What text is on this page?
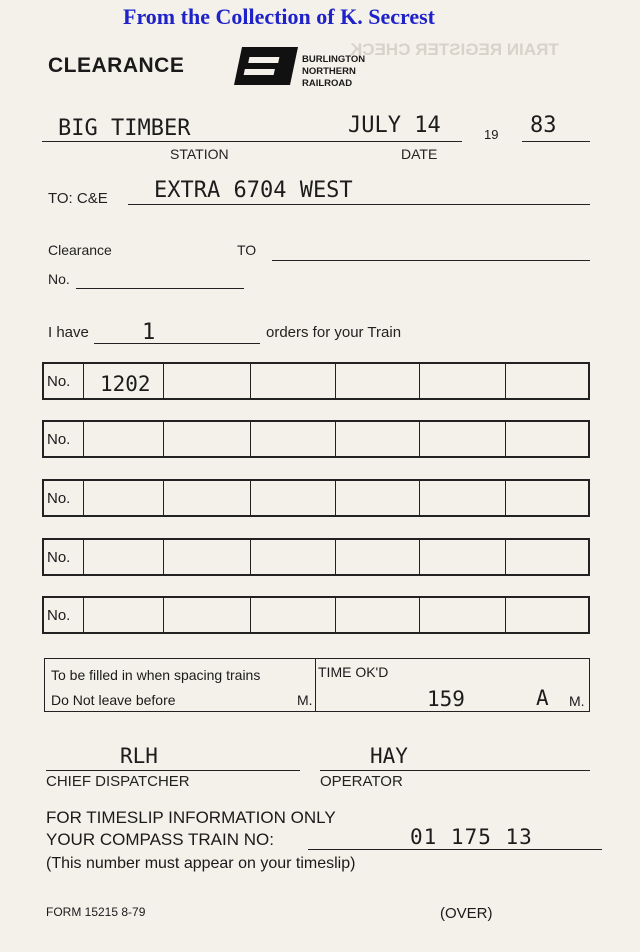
From the Collection of K. Secrest
TRAIN REGISTER CHECK
CLEARANCE	BURLINGTON
NORTHERN
RAILROAD
BIG TIMBER	JULY 14	19 83
STATION	DATE
TO: C&E EXTRA 6704 WEST
Clearance	TO
No.
I have 1	orders for your Train
No. 1202
No.
No.
No.
No.
To be filled in when spacing trains
Do Not leave before	M.
TIME OK'D
159	A M.
RLH
CHIEF DISPATCHER
HAY
OPERATOR
FOR TIMESLIP INFORMATION ONLY
YOUR COMPASS TRAIN NO:	01 175 13
(This number must appear on your timeslip)
FORM 15215 8-79	(OVER)
